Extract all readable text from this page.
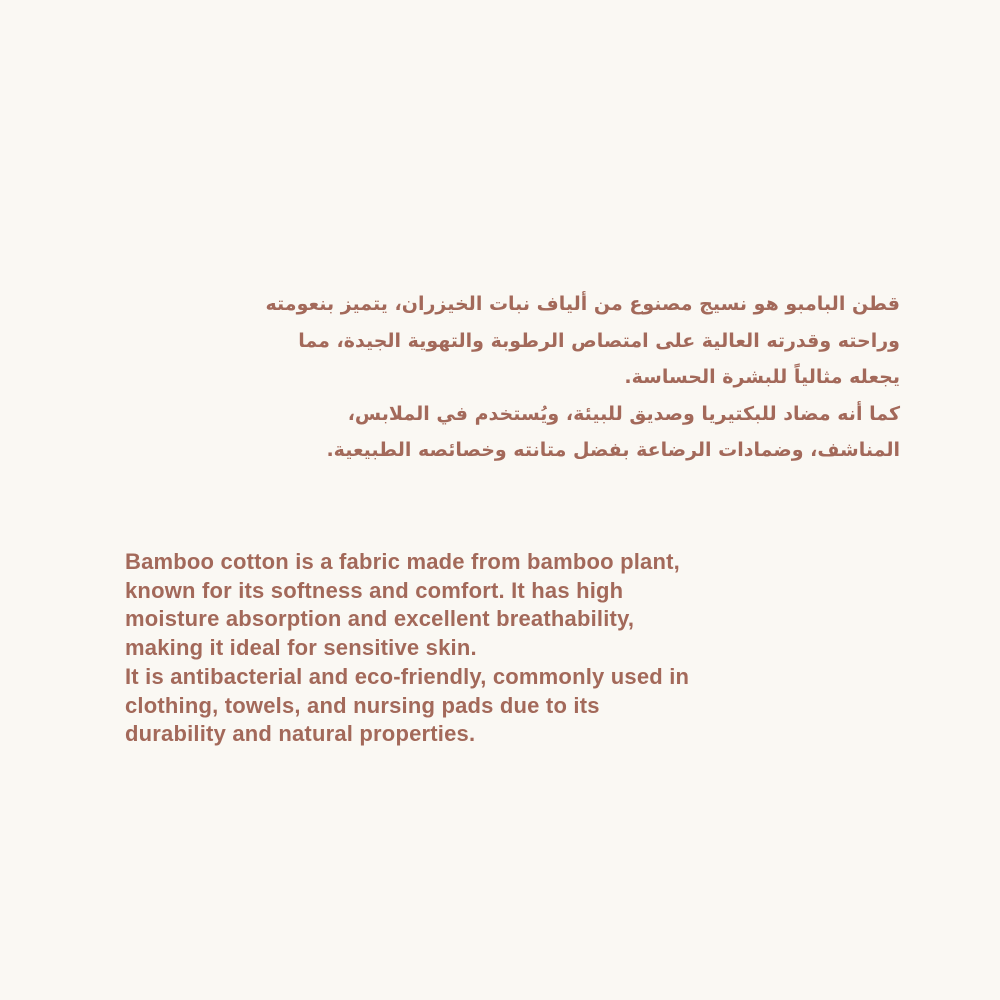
قطن البامبو هو نسيج مصنوع من ألياف نبات الخيزران، يتميز بنعومته
وراحته وقدرته العالية على امتصاص الرطوبة والتهوية الجيدة، مما
يجعله مثالياً للبشرة الحساسة.
كما أنه مضاد للبكتيريا وصديق للبيئة، ويُستخدم في الملابس،
المناشف، وضمادات الرضاعة بفضل متانته وخصائصه الطبيعية.
Bamboo cotton is a fabric made from bamboo plant,
known for its softness and comfort. It has high
moisture absorption and excellent breathability,
making it ideal for sensitive skin.
It is antibacterial and eco-friendly, commonly used in
clothing, towels, and nursing pads due to its
durability and natural properties.
